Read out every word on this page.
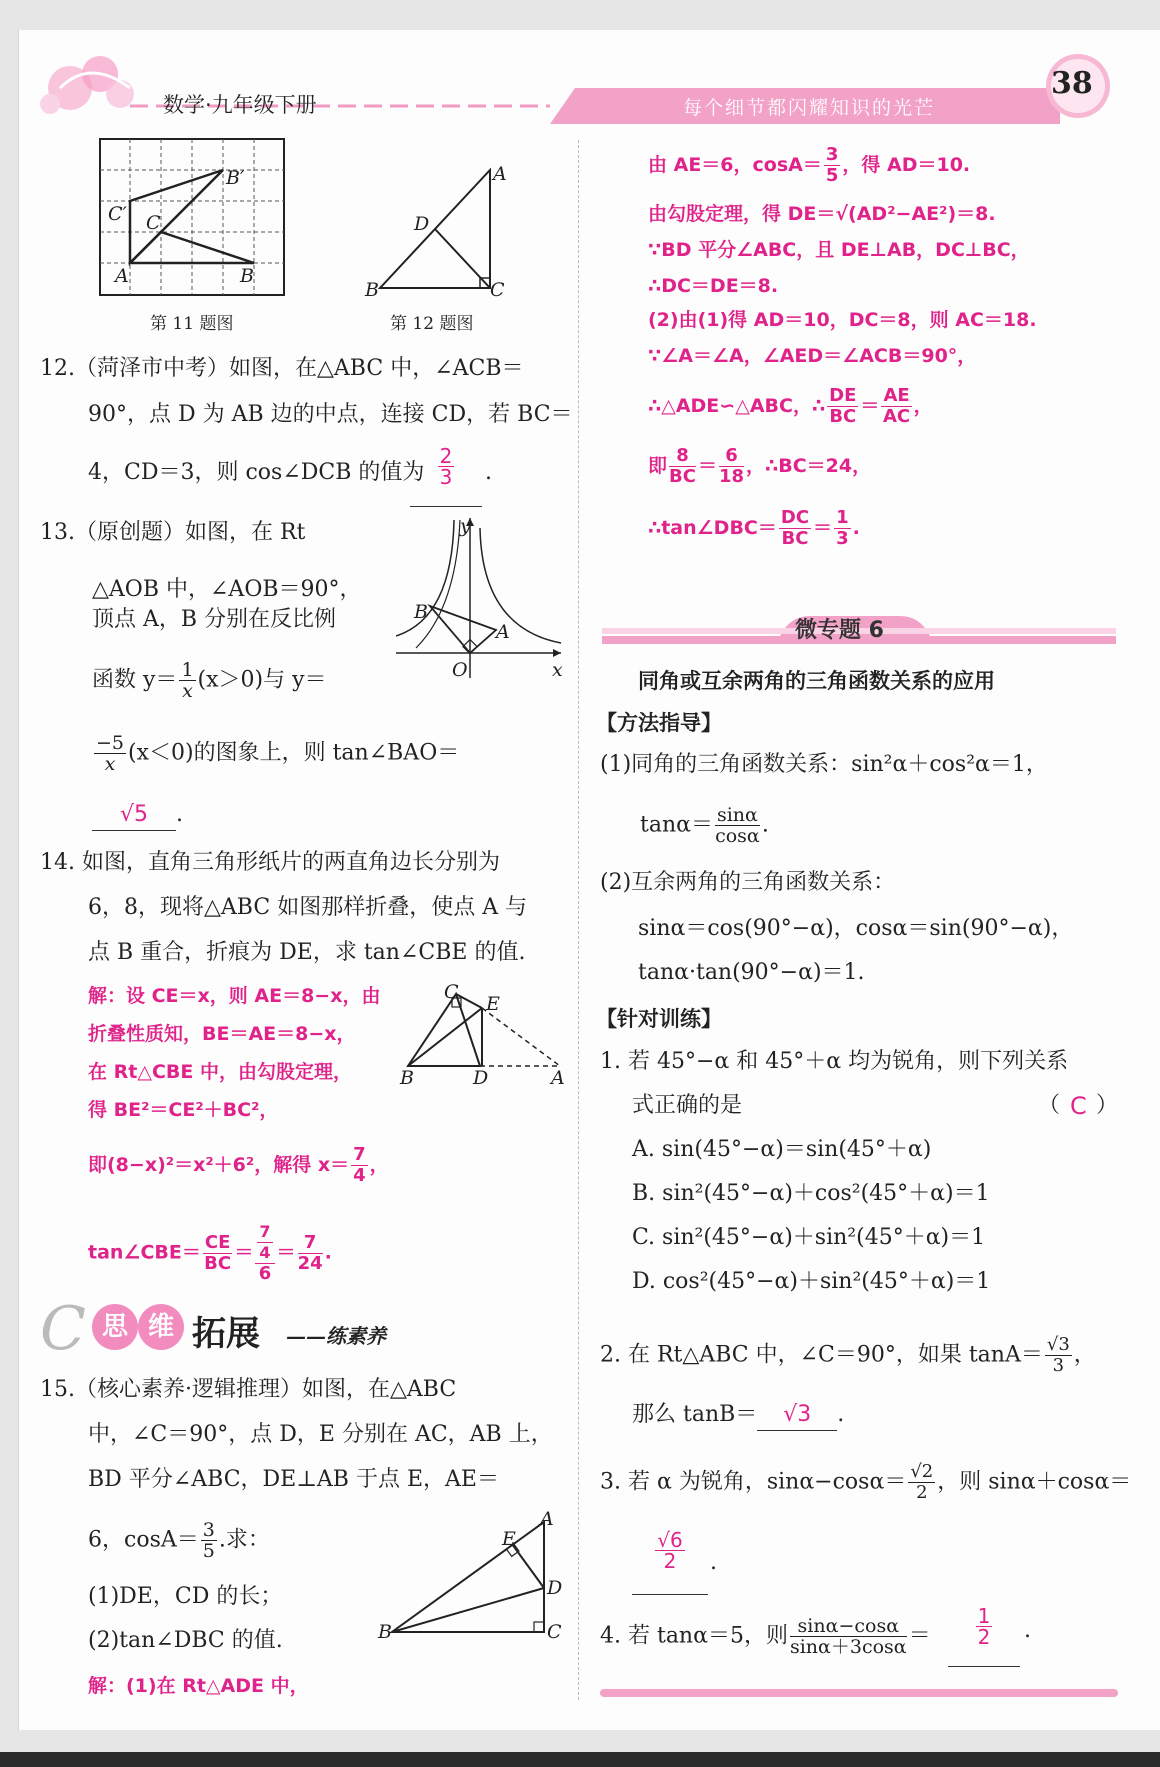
数学·九年级下册	每个细节都闪耀知识的光芒
38
B′
C′ C
A	B
第 11 题图
A
D
B	C
第 12 题图
12.（菏泽市中考）如图，在△ABC 中，∠ACB＝
90°，点 D 为 AB 边的中点，连接 CD，若 BC＝
4，CD＝3，则 cos∠DCB 的值为 $\frac{2}{3}$ .
13.（原创题）如图，在 Rt
△AOB 中，∠AOB＝90°，
顶点 A，B 分别在反比例
函数 $y= \frac{1}{x} (x>0)$与 y＝
$\frac{-5}{x} (x<0)$的图象上，则 tan∠BAO＝
√5 .
y
B
A
O	x
14. 如图，直角三角形纸片的两直角边长分别为
6，8，现将△ABC 如图那样折叠，使点 A 与
点 B 重合，折痕为 DE，求 tan∠CBE 的值.
解：设 CE＝x，则 AE＝8−x，由
折叠性质知，BE＝AE＝8−x，
在 Rt△CBE 中，由勾股定理，
得 BE²＝CE²＋BC²，
即(8−x)²＝x²＋6²，解得 $x= \frac{7}{4}$ ，
tan∠CBE＝ $\frac{CE}{BC} = \frac{\frac{7}{4}}{6} = \frac{7}{24}$ .
C
E
B	D	A
C 思 维 拓展 ——练素养
15.（核心素养·逻辑推理）如图，在△ABC
中，∠C＝90°，点 D，E 分别在 AC，AB 上，
BD 平分∠ABC，DE⊥AB 于点 E，AE＝
6，$\cos A= \frac{3}{5}$ .求：
(1)DE，CD 的长；
(2)tan∠DBC 的值.
解：(1)在 Rt△ADE 中，
A
E
D
B	C
由 AE＝6，$\cos A= \frac{3}{5}$ ，得 AD＝10.
由勾股定理，得 DE＝√(AD²−AE²)＝8.
∵BD 平分∠ABC，且 DE⊥AB，DC⊥BC，
∴DC＝DE＝8.
(2)由(1)得 AD＝10，DC＝8，则 AC＝18.
∵∠A＝∠A，∠AED＝∠ACB＝90°，
∴△ADE∽△ABC，∴ $\frac{DE}{BC} = \frac{AE}{AC}$ ，
即 $\frac{8}{BC} = \frac{6}{18}$ ，∴BC＝24，
∴tan∠DBC＝ $\frac{DC}{BC} = \frac{1}{3}$ .
微专题 6
同角或互余两角的三角函数关系的应用
【方法指导】
(1)同角的三角函数关系：sin²α＋cos²α＝1，
$\tan\alpha= \frac{\sin\alpha}{\cos\alpha}$ .
(2)互余两角的三角函数关系：
sinα＝cos(90°−α)，cosα＝sin(90°−α)，
tanα·tan(90°−α)＝1.
【针对训练】
1. 若 45°−α 和 45°＋α 均为锐角，则下列关系
式正确的是	（ C ）
A. sin(45°−α)＝sin(45°＋α)
B. sin²(45°−α)＋cos²(45°＋α)＝1
C. sin²(45°−α)＋sin²(45°＋α)＝1
D. cos²(45°−α)＋sin²(45°＋α)＝1
2. 在 Rt△ABC 中，∠C＝90°，如果 $\tan A= \frac{√3}{3}$ ，
那么 tanB＝ √3 .
3. 若 α 为锐角，$\sin\alpha-\cos\alpha= \frac{√2}{2}$ ，则 sinα＋cosα＝
$\frac{√6}{2}$ .
4. 若 tanα＝5，则 $\frac{\sin\alpha-\cos\alpha}{\sin\alpha+3\cos\alpha} = \frac{1}{2}$ .
